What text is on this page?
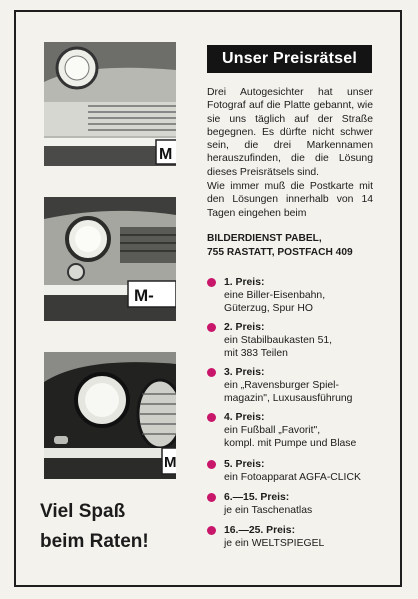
M
M-
M
Unser Preisrätsel

Drei Autogesichter hat unser Fotograf auf die Platte gebannt, wie sie uns täglich auf der Straße begegnen. Es dürfte nicht schwer sein, die drei Markennamen herauszufinden, die die Lösung dieses Preisrätsels sind.

Wie immer muß die Postkarte mit den Lösungen innerhalb von 14 Tagen eingehen beim

BILDERDIENST PABEL,
755 RASTATT, POSTFACH 409
1. Preis:
eine Biller-Eisenbahn,
Güterzug, Spur HO
2. Preis:
ein Stabilbaukasten 51,
mit 383 Teilen
3. Preis:
ein „Ravensburger Spiel-
magazin", Luxusausführung
4. Preis:
ein Fußball „Favorit",
kompl. mit Pumpe und Blase
5. Preis:
ein Fotoapparat AGFA-CLICK
6.—15. Preis:
je ein Taschenatlas
16.—25. Preis:
je ein WELTSPIEGEL
Viel Spaß
beim Raten!
